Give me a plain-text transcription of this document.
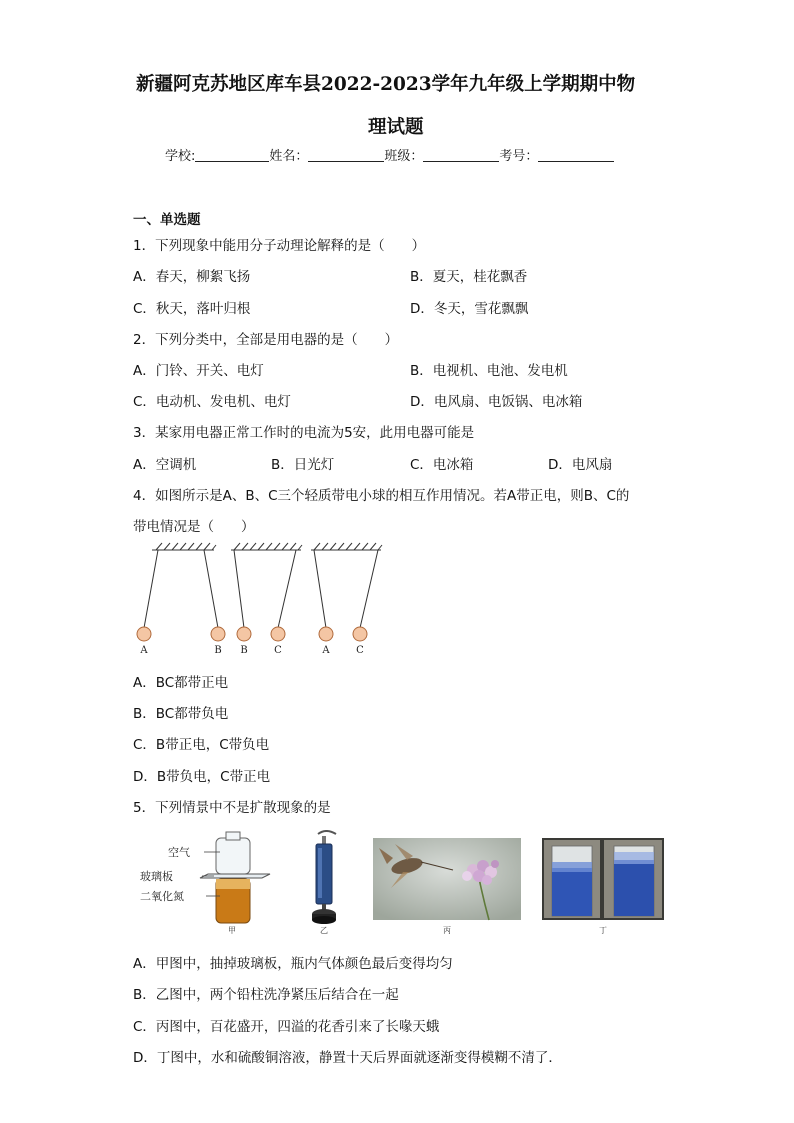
新疆阿克苏地区库车县2022-2023学年九年级上学期期中物
理试题
学校:	姓名：	班级：	考号：
一、单选题
1．下列现象中能用分子动理论解释的是（　　）
A．春天，柳絮飞扬	B．夏天，桂花飘香
C．秋天，落叶归根	D．冬天，雪花飘飘
2．下列分类中，全部是用电器的是（　　）
A．门铃、开关、电灯	B．电视机、电池、发电机
C．电动机、发电机、电灯	D．电风扇、电饭锅、电冰箱
3．某家用电器正常工作时的电流为5安，此用电器可能是
A．空调机	B．日光灯	C．电冰箱	D．电风扇
4．如图所示是A、B、C三个轻质带电小球的相互作用情况。若A带正电，则B、C的
带电情况是（　　）
A	B B	C	A	C
A．BC都带正电
B．BC都带负电
C．B带正电，C带负电
D．B带负电，C带正电
5．下列情景中不是扩散现象的是
空气
玻璃板
二氧化氮
甲	乙	丙	丁
A．甲图中，抽掉玻璃板，瓶内气体颜色最后变得均匀
B．乙图中，两个铅柱洗净紧压后结合在一起
C．丙图中，百花盛开，四溢的花香引来了长喙天蛾
D．丁图中，水和硫酸铜溶液，静置十天后界面就逐渐变得模糊不清了．
